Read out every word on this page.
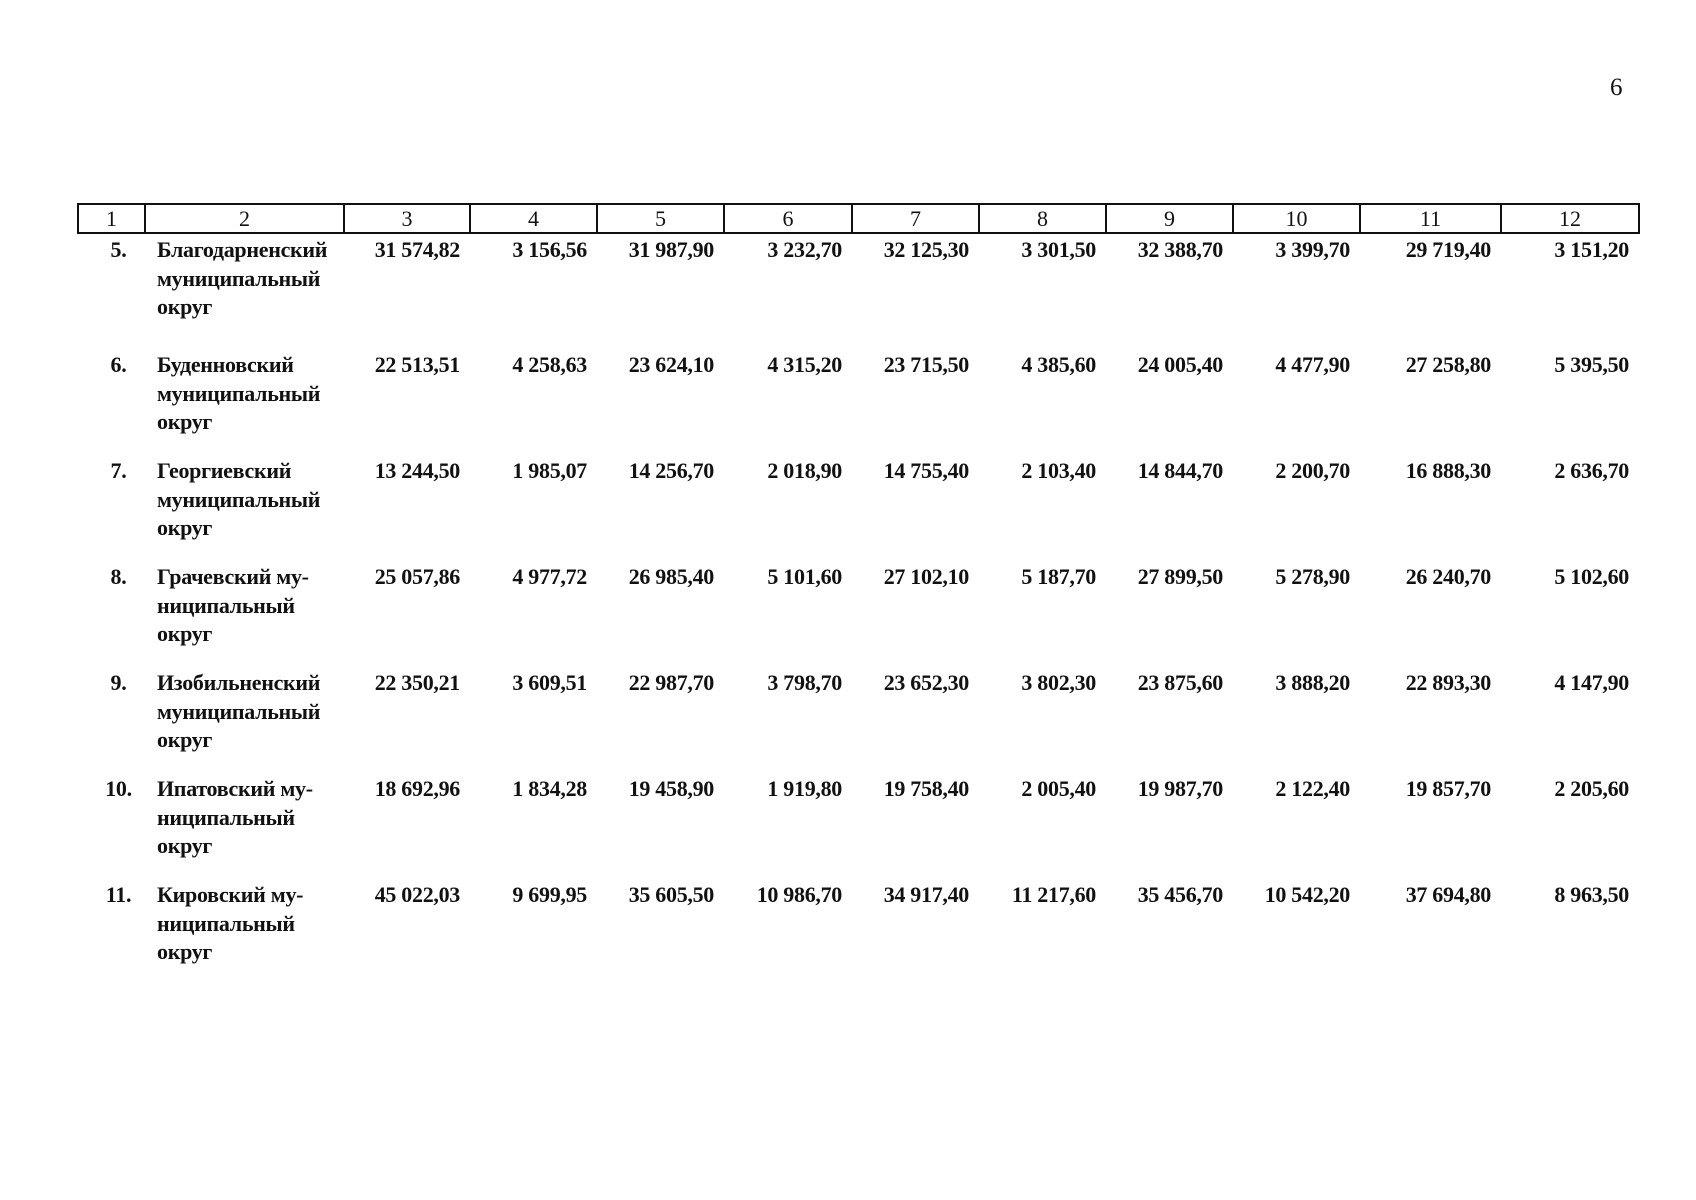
6
1	2	3	4	5	6	7	8	9	10	11	12
5.	Благодарненский муниципальный округ	31 574,82	3 156,56	31 987,90	3 232,70	32 125,30	3 301,50	32 388,70	3 399,70	29 719,40	3 151,20
6.	Буденновский муниципальный округ	22 513,51	4 258,63	23 624,10	4 315,20	23 715,50	4 385,60	24 005,40	4 477,90	27 258,80	5 395,50
7.	Георгиевский муниципальный округ	13 244,50	1 985,07	14 256,70	2 018,90	14 755,40	2 103,40	14 844,70	2 200,70	16 888,30	2 636,70
8.	Грачевский му-ниципальный округ	25 057,86	4 977,72	26 985,40	5 101,60	27 102,10	5 187,70	27 899,50	5 278,90	26 240,70	5 102,60
9.	Изобильненский муниципальный округ	22 350,21	3 609,51	22 987,70	3 798,70	23 652,30	3 802,30	23 875,60	3 888,20	22 893,30	4 147,90
10.	Ипатовский му-ниципальный округ	18 692,96	1 834,28	19 458,90	1 919,80	19 758,40	2 005,40	19 987,70	2 122,40	19 857,70	2 205,60
11.	Кировский му-ниципальный округ	45 022,03	9 699,95	35 605,50	10 986,70	34 917,40	11 217,60	35 456,70	10 542,20	37 694,80	8 963,50
